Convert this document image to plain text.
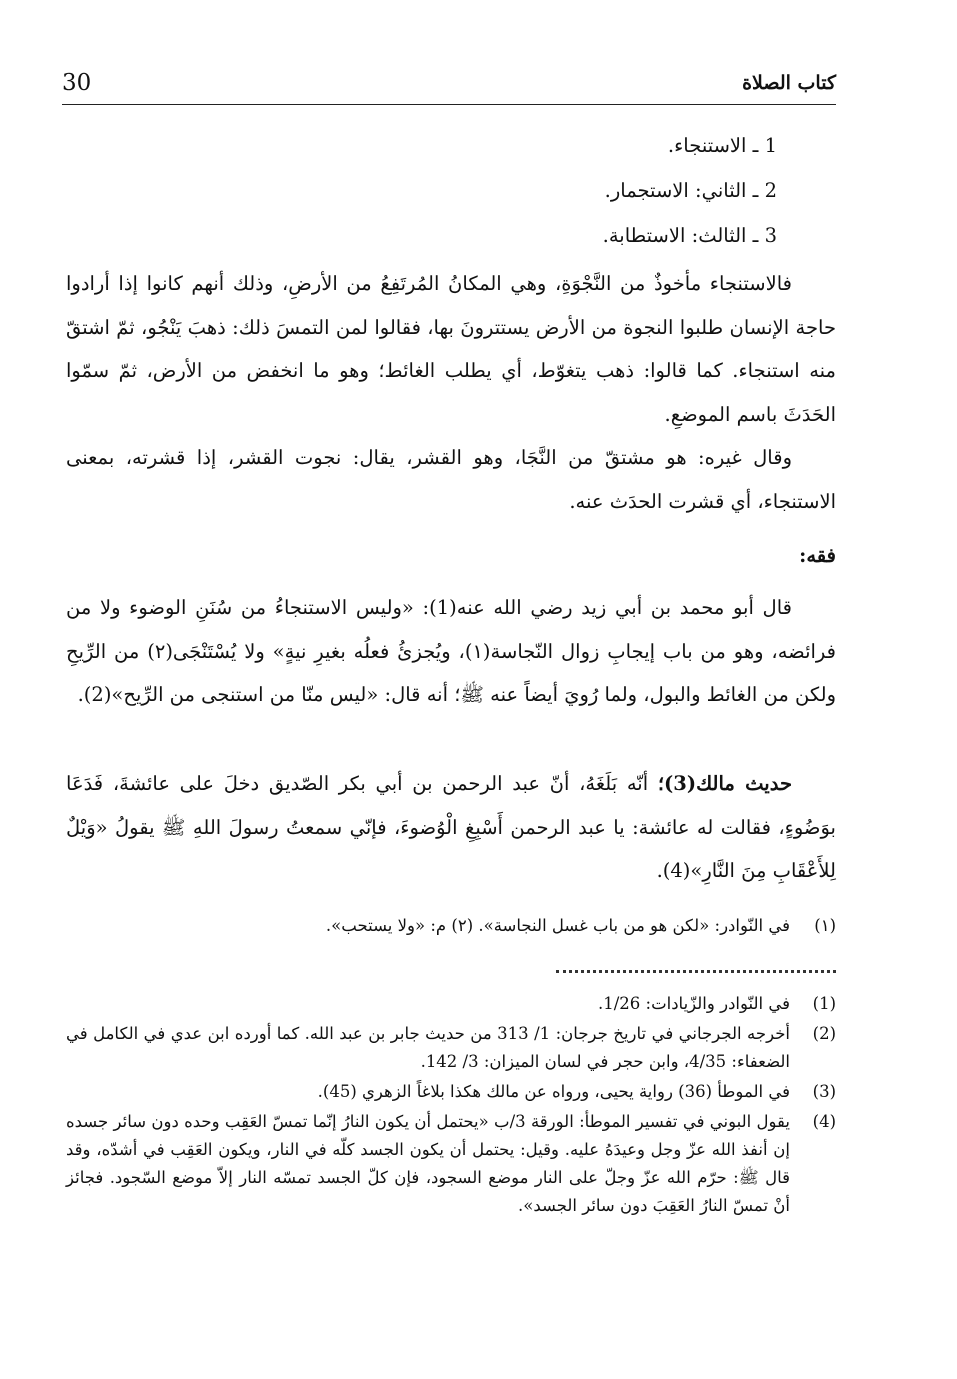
30	كتاب الصلاة
1 ـ الاستنجاء.
2 ـ الثاني: الاستجمار.
3 ـ الثالث: الاستطابة.

فالاستنجاء مأخوذٌ من النَّجْوَةِ، وهي المكانُ المُرتَفِعُ من الأرضِ، وذلك أنهم كانوا إذا أرادوا حاجة الإنسان طلبوا النجوة من الأرض يستترونَ بها، فقالوا لمن التمسَ ذلك: ذهبَ يَنْجُو، ثمّ اشتقّ منه استنجاء. كما قالوا: ذهب يتغوّط، أي يطلب الغائط؛ وهو ما انخفض من الأرض، ثمّ سمّوا الحَدَثَ باسم الموضعِ.

وقال غيره: هو مشتقّ من النَّجَا، وهو القشر، يقال: نجوت القشر، إذا قشرته، بمعنى الاستنجاء، أي قشرت الحدَث عنه.

فقه:

قال أبو محمد بن أبي زيد رضي الله عنه(1): «وليس الاستنجاءُ من سُنَنِ الوضوء ولا من فرائضه، وهو من باب إيجابِ زوال النّجاسة(١)، ويُجزئُ فعلُه بغيرِ نيةٍ» ولا يُسْتَنْجَى(٢) من الرِّيحِ ولكن من الغائط والبول، ولما رُويَ أيضاً عنه ﷺ؛ أنه قال: «ليس منّا من استنجى من الرِّيح»(2).

حديث مالك(3)؛ أنّه بَلَغَهُ، أنّ عبد الرحمن بن أبي بكر الصّديق دخلَ على عائشةَ، فَدَعَا بوَضُوءٍ، فقالت له عائشة: يا عبد الرحمن أَسْبِغِ الْوُضوءَ، فإنّي سمعتُ رسولَ اللهِ ﷺ يقولُ «وَيْلٌ لِلأَعْقَابِ مِنَ النَّارِ»(4).

(١)
في النّوادر: «لكن هو من باب غسل النجاسة». (٢) م: «ولا يستحب».
(1)
في النّوادر والزّيادات: 1/26.
(2)
أخرجه الجرجاني في تاريخ جرجان: 1/ 313 من حديث جابر بن عبد الله. كما أورده ابن عدي في الكامل في الضعفاء: 4/35، وابن حجر في لسان الميزان: 3/ 142.
(3)
في الموطأ (36) رواية يحيى، ورواه عن مالك هكذا بلاغاً الزهري (45).
(4)
يقول البوني في تفسير الموطأ: الورقة 3/ب «يحتمل أن يكون النارُ إنّما تمسّ العَقِب وحده دون سائر جسده إن أنفذ الله عزّ وجل وعيدَهُ عليه. وقيل: يحتمل أن يكون الجسد كلّه في النار، ويكون العَقِب في أشدّه، وقد قال ﷺ: حرّم الله عزّ وجلّ على النار موضع السجود، فإن كلّ الجسد تمسّه النار إلاّ موضع السّجود. فجائز أنْ تمسّ النارُ العَقِبَ دون سائر الجسد».
